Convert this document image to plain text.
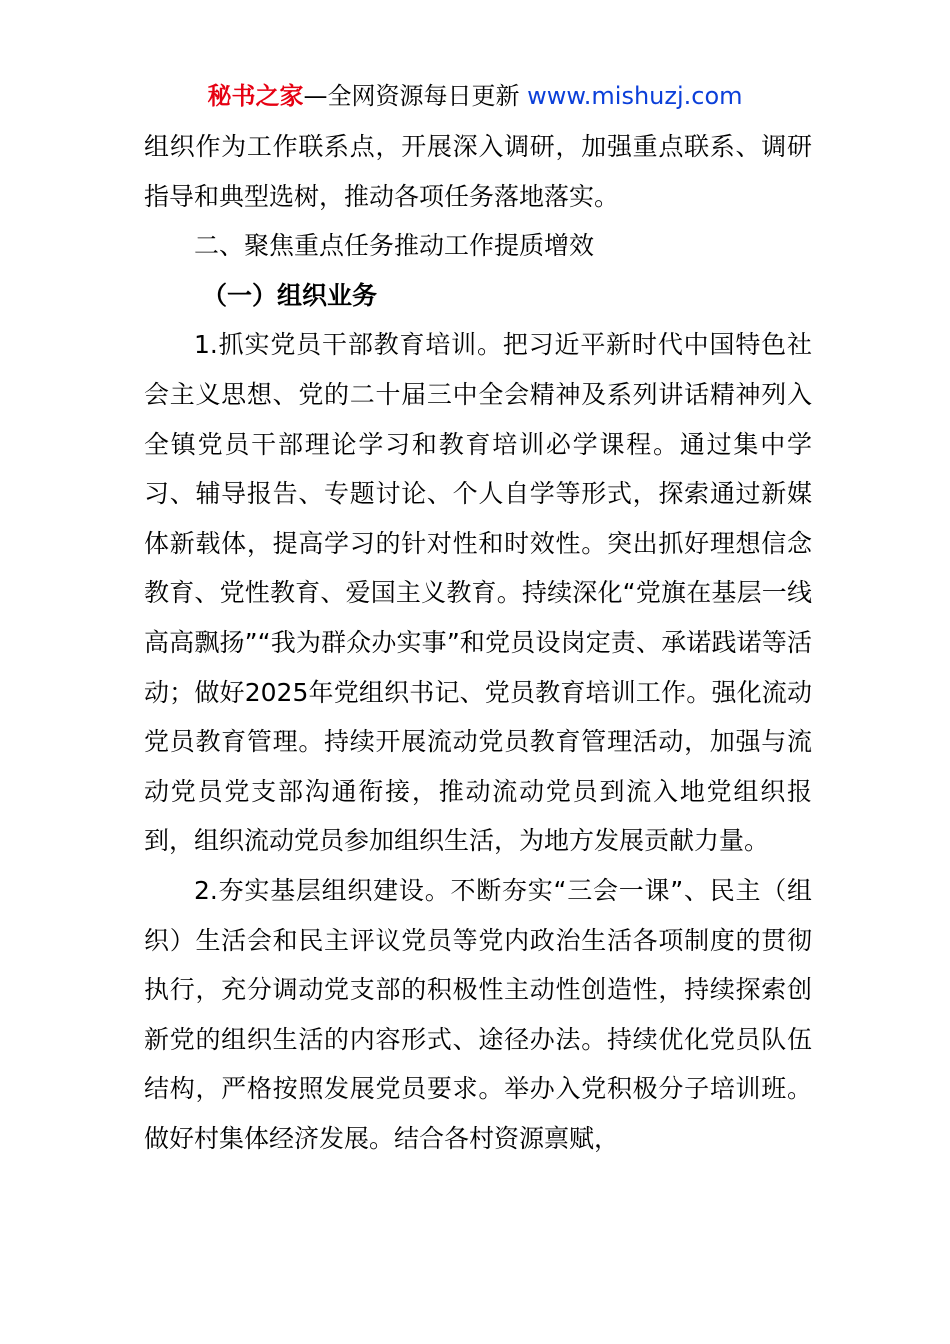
秘书之家—全网资源每日更新 www.mishuzj.com

组织作为工作联系点，开展深入调研，加强重点联系、调研指导和典型选树，推动各项任务落地落实。

二、聚焦重点任务推动工作提质增效

（一）组织业务

1.抓实党员干部教育培训。把习近平新时代中国特色社会主义思想、党的二十届三中全会精神及系列讲话精神列入全镇党员干部理论学习和教育培训必学课程。通过集中学习、辅导报告、专题讨论、个人自学等形式，探索通过新媒体新载体，提高学习的针对性和时效性。突出抓好理想信念教育、党性教育、爱国主义教育。持续深化“党旗在基层一线高高飘扬”“我为群众办实事”和党员设岗定责、承诺践诺等活动；做好2025年党组织书记、党员教育培训工作。强化流动党员教育管理。持续开展流动党员教育管理活动，加强与流动党员党支部沟通衔接，推动流动党员到流入地党组织报到，组织流动党员参加组织生活，为地方发展贡献力量。

2.夯实基层组织建设。不断夯实“三会一课”、民主（组织）生活会和民主评议党员等党内政治生活各项制度的贯彻执行，充分调动党支部的积极性主动性创造性，持续探索创新党的组织生活的内容形式、途径办法。持续优化党员队伍结构，严格按照发展党员要求。举办入党积极分子培训班。做好村集体经济发展。结合各村资源禀赋，
